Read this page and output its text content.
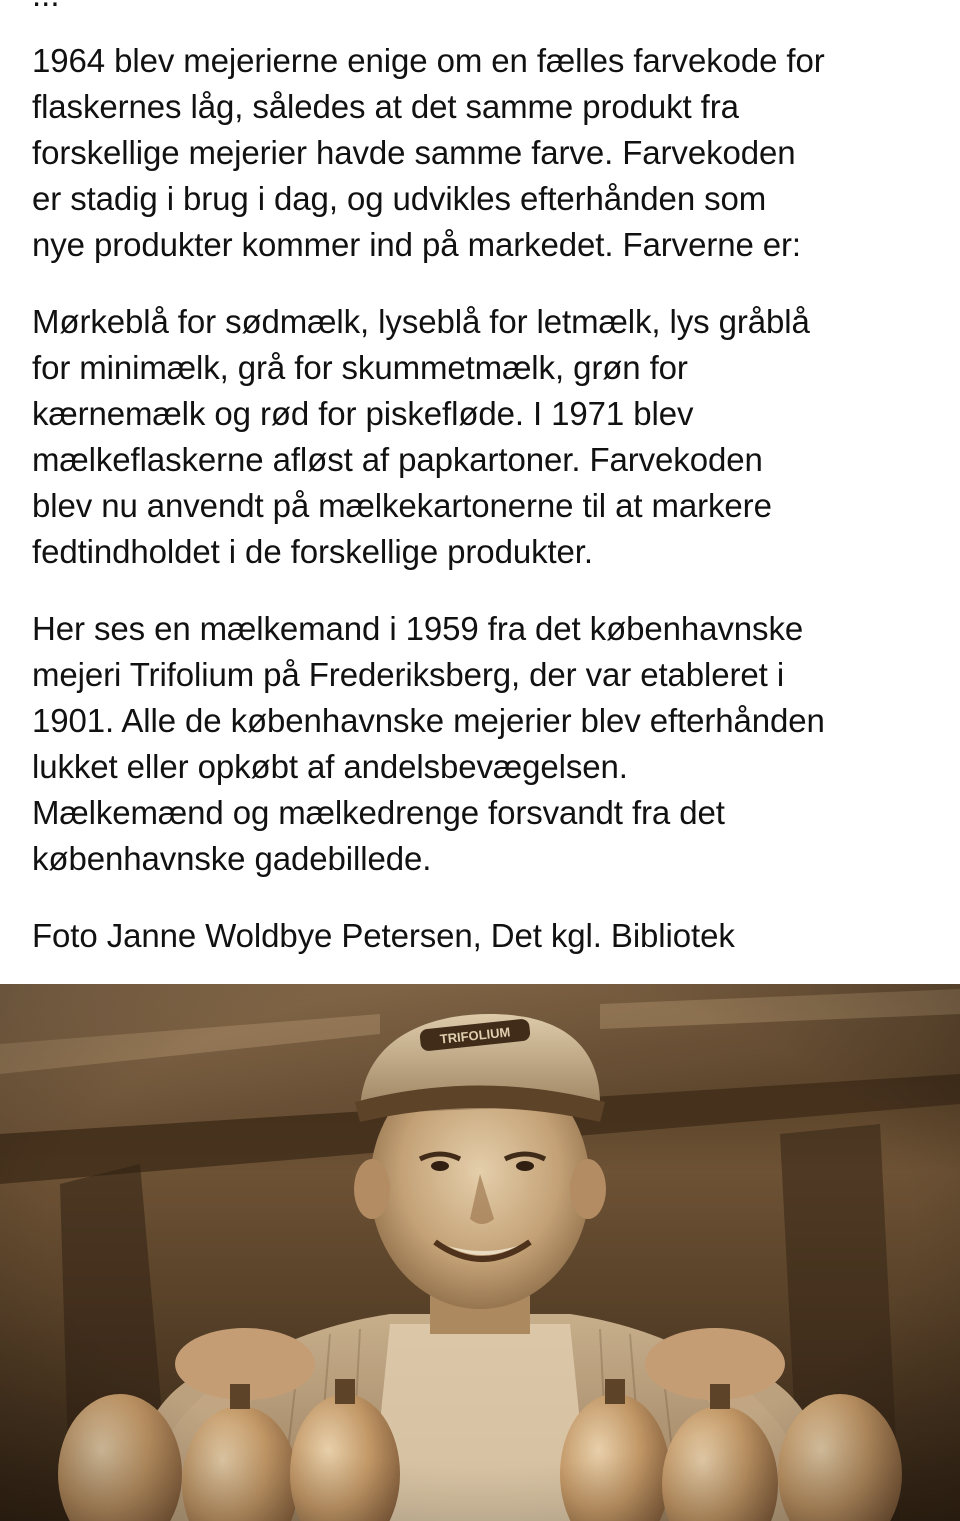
1964 blev mejerierne enige om en fælles farvekode for
flaskernes låg, således at det samme produkt fra
forskellige mejerier havde samme farve. Farvekoden
er stadig i brug i dag, og udvikles efterhånden som
nye produkter kommer ind på markedet. Farverne er:

Mørkeblå for sødmælk, lyseblå for letmælk, lys gråblå
for minimælk, grå for skummetmælk, grøn for
kærnemælk og rød for piskefløde. I 1971 blev
mælkeflaskerne afløst af papkartoner. Farvekoden
blev nu anvendt på mælkekartonerne til at markere
fedtindholdet i de forskellige produkter.

Her ses en mælkemand i 1959 fra det københavnske
mejeri Trifolium på Frederiksberg, der var etableret i
1901. Alle de københavnske mejerier blev efterhånden
lukket eller opkøbt af andelsbevægelsen.
Mælkemænd og mælkedrenge forsvandt fra det
københavnske gadebillede.

Foto Janne Woldbye Petersen, Det kgl. Bibliotek
